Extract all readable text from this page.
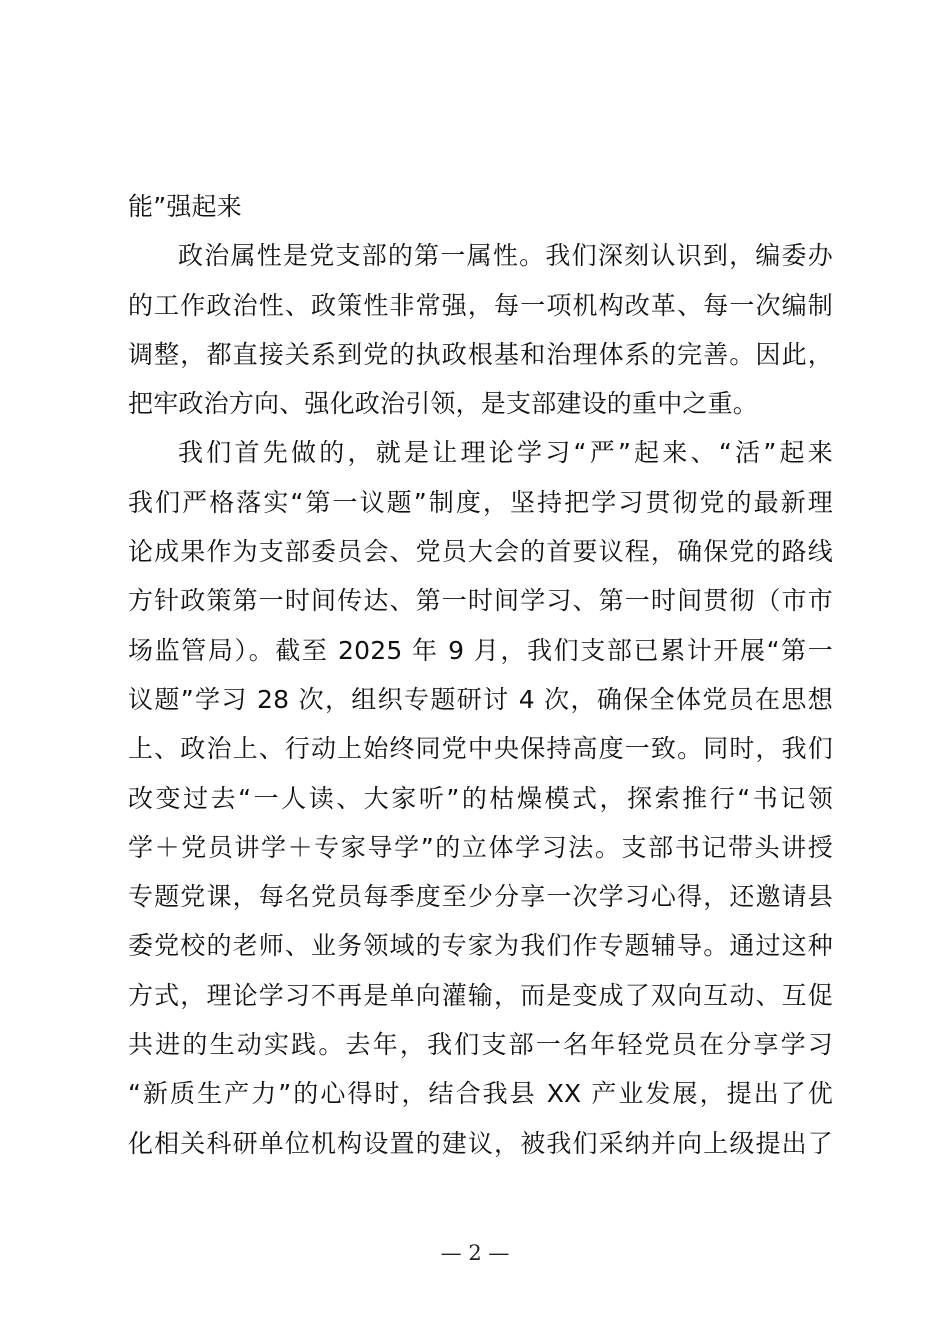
能”强起来
政治属性是党支部的第一属性。我们深刻认识到，编委办
的工作政治性、政策性非常强，每一项机构改革、每一次编制
调整，都直接关系到党的执政根基和治理体系的完善。因此，
把牢政治方向、强化政治引领，是支部建设的重中之重。
我们首先做的，就是让理论学习“严”起来、“活”起来
我们严格落实“第一议题”制度，坚持把学习贯彻党的最新理
论成果作为支部委员会、党员大会的首要议程，确保党的路线
方针政策第一时间传达、第一时间学习、第一时间贯彻（市市
场监管局）。截至 2025 年 9 月，我们支部已累计开展“第一
议题”学习 28 次，组织专题研讨 4 次，确保全体党员在思想
上、政治上、行动上始终同党中央保持高度一致。同时，我们
改变过去“一人读、大家听”的枯燥模式，探索推行“书记领
学＋党员讲学＋专家导学”的立体学习法。支部书记带头讲授
专题党课，每名党员每季度至少分享一次学习心得，还邀请县
委党校的老师、业务领域的专家为我们作专题辅导。通过这种
方式，理论学习不再是单向灌输，而是变成了双向互动、互促
共进的生动实践。去年，我们支部一名年轻党员在分享学习
“新质生产力”的心得时，结合我县 XX 产业发展，提出了优
化相关科研单位机构设置的建议，被我们采纳并向上级提出了
— 2 —
